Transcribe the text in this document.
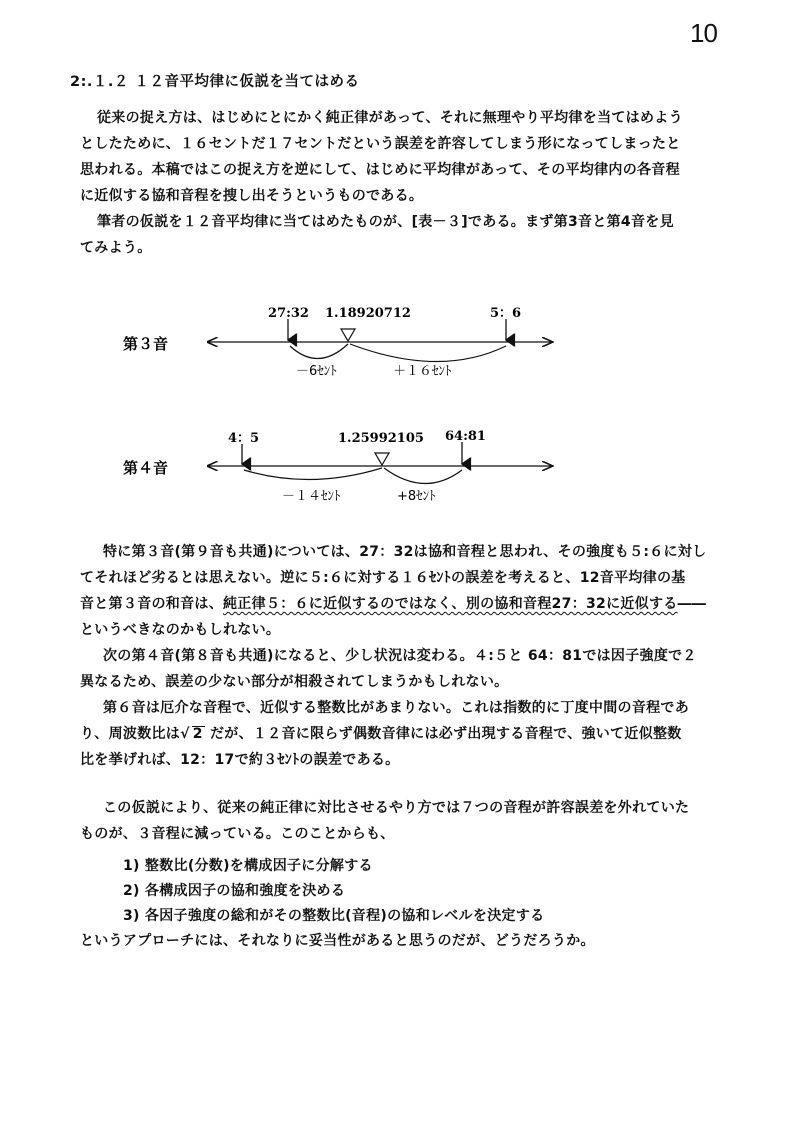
10
2:.１.２ １２音平均律に仮説を当てはめる
従来の捉え方は、はじめにとにかく純正律があって、それに無理やり平均律を当てはめよう
としたために、１６セントだ１７セントだという誤差を許容してしまう形になってしまったと
思われる。本稿ではこの捉え方を逆にして、はじめに平均律があって、その平均律内の各音程
に近似する協和音程を捜し出そうというものである。
筆者の仮説を１２音平均律に当てはめたものが、[表－３]である。まず第3音と第4音を見
てみよう。
第３音
27:32 1.18920712	5：6
－6ｾﾝﾄ	＋１６ｾﾝﾄ
第４音
4：5	1.25992105 64:81
－１４ｾﾝﾄ	+8ｾﾝﾄ
特に第３音(第９音も共通)については、27：32は協和音程と思われ、その強度も５:６に対し
てそれほど劣るとは思えない。逆に５:６に対する１６ｾﾝﾄの誤差を考えると、12音平均律の基
音と第３音の和音は、純正律５：６に近似するのではなく、別の協和音程27：32に近似する――
というべきなのかもしれない。
次の第４音(第８音も共通)になると、少し状況は変わる。４:５と 64：81では因子強度で２
異なるため、誤差の少ない部分が相殺されてしまうかもしれない。
第６音は厄介な音程で、近似する整数比があまりない。これは指数的に丁度中間の音程であ
り、周波数比は√ 2 だが、１２音に限らず偶数音律には必ず出現する音程で、強いて近似整数
比を挙げれば、12：17で約３ｾﾝﾄの誤差である。
この仮説により、従来の純正律に対比させるやり方では７つの音程が許容誤差を外れていた
ものが、３音程に減っている。このことからも、
1) 整数比(分数)を構成因子に分解する
2) 各構成因子の協和強度を決める
3) 各因子強度の総和がその整数比(音程)の協和レベルを決定する
というアプローチには、それなりに妥当性があると思うのだが、どうだろうか。
